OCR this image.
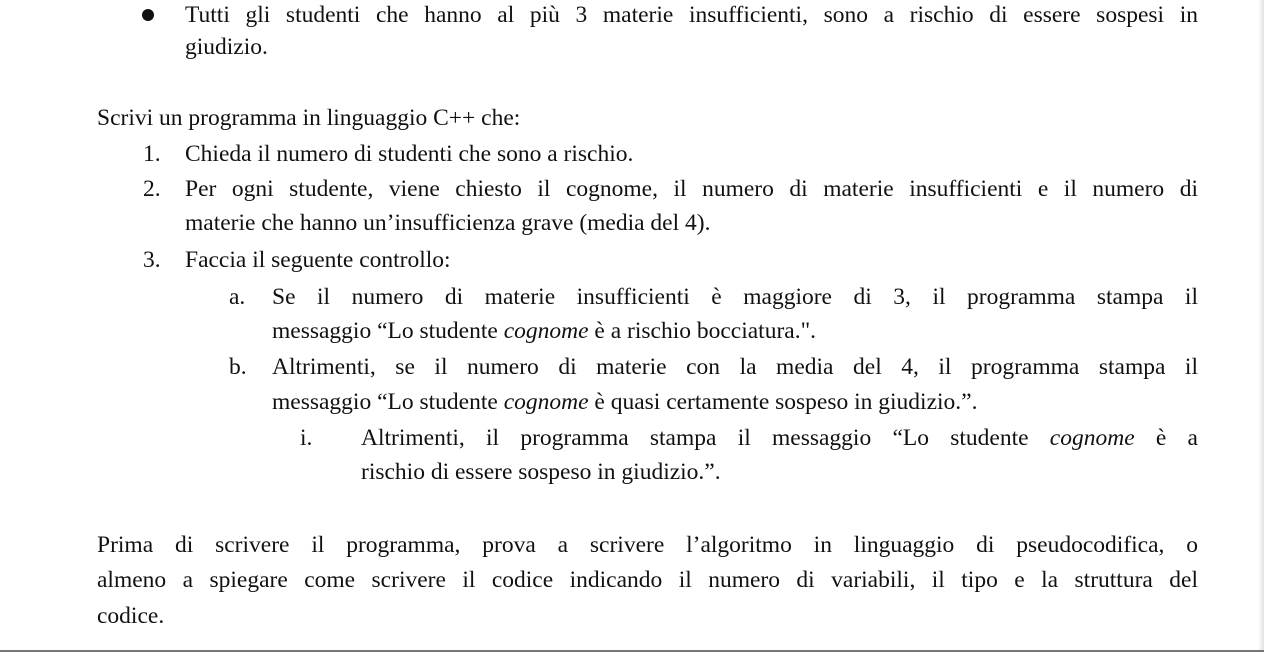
Tutti gli studenti che hanno al più 3 materie insufficienti, sono a rischio di essere sospesi in
giudizio.
Scrivi un programma in linguaggio C++ che:
1. Chieda il numero di studenti che sono a rischio.
2. Per ogni studente, viene chiesto il cognome, il numero di materie insufficienti e il numero di
materie che hanno un’insufficienza grave (media del 4).
3. Faccia il seguente controllo:
a. Se il numero di materie insufficienti è maggiore di 3, il programma stampa il
messaggio “Lo studente cognome è a rischio bocciatura.".
b. Altrimenti, se il numero di materie con la media del 4, il programma stampa il
messaggio “Lo studente cognome è quasi certamente sospeso in giudizio.”.
i. Altrimenti, il programma stampa il messaggio “Lo studente cognome è a
rischio di essere sospeso in giudizio.”.
Prima di scrivere il programma, prova a scrivere l’algoritmo in linguaggio di pseudocodifica, o
almeno a spiegare come scrivere il codice indicando il numero di variabili, il tipo e la struttura del
codice.
